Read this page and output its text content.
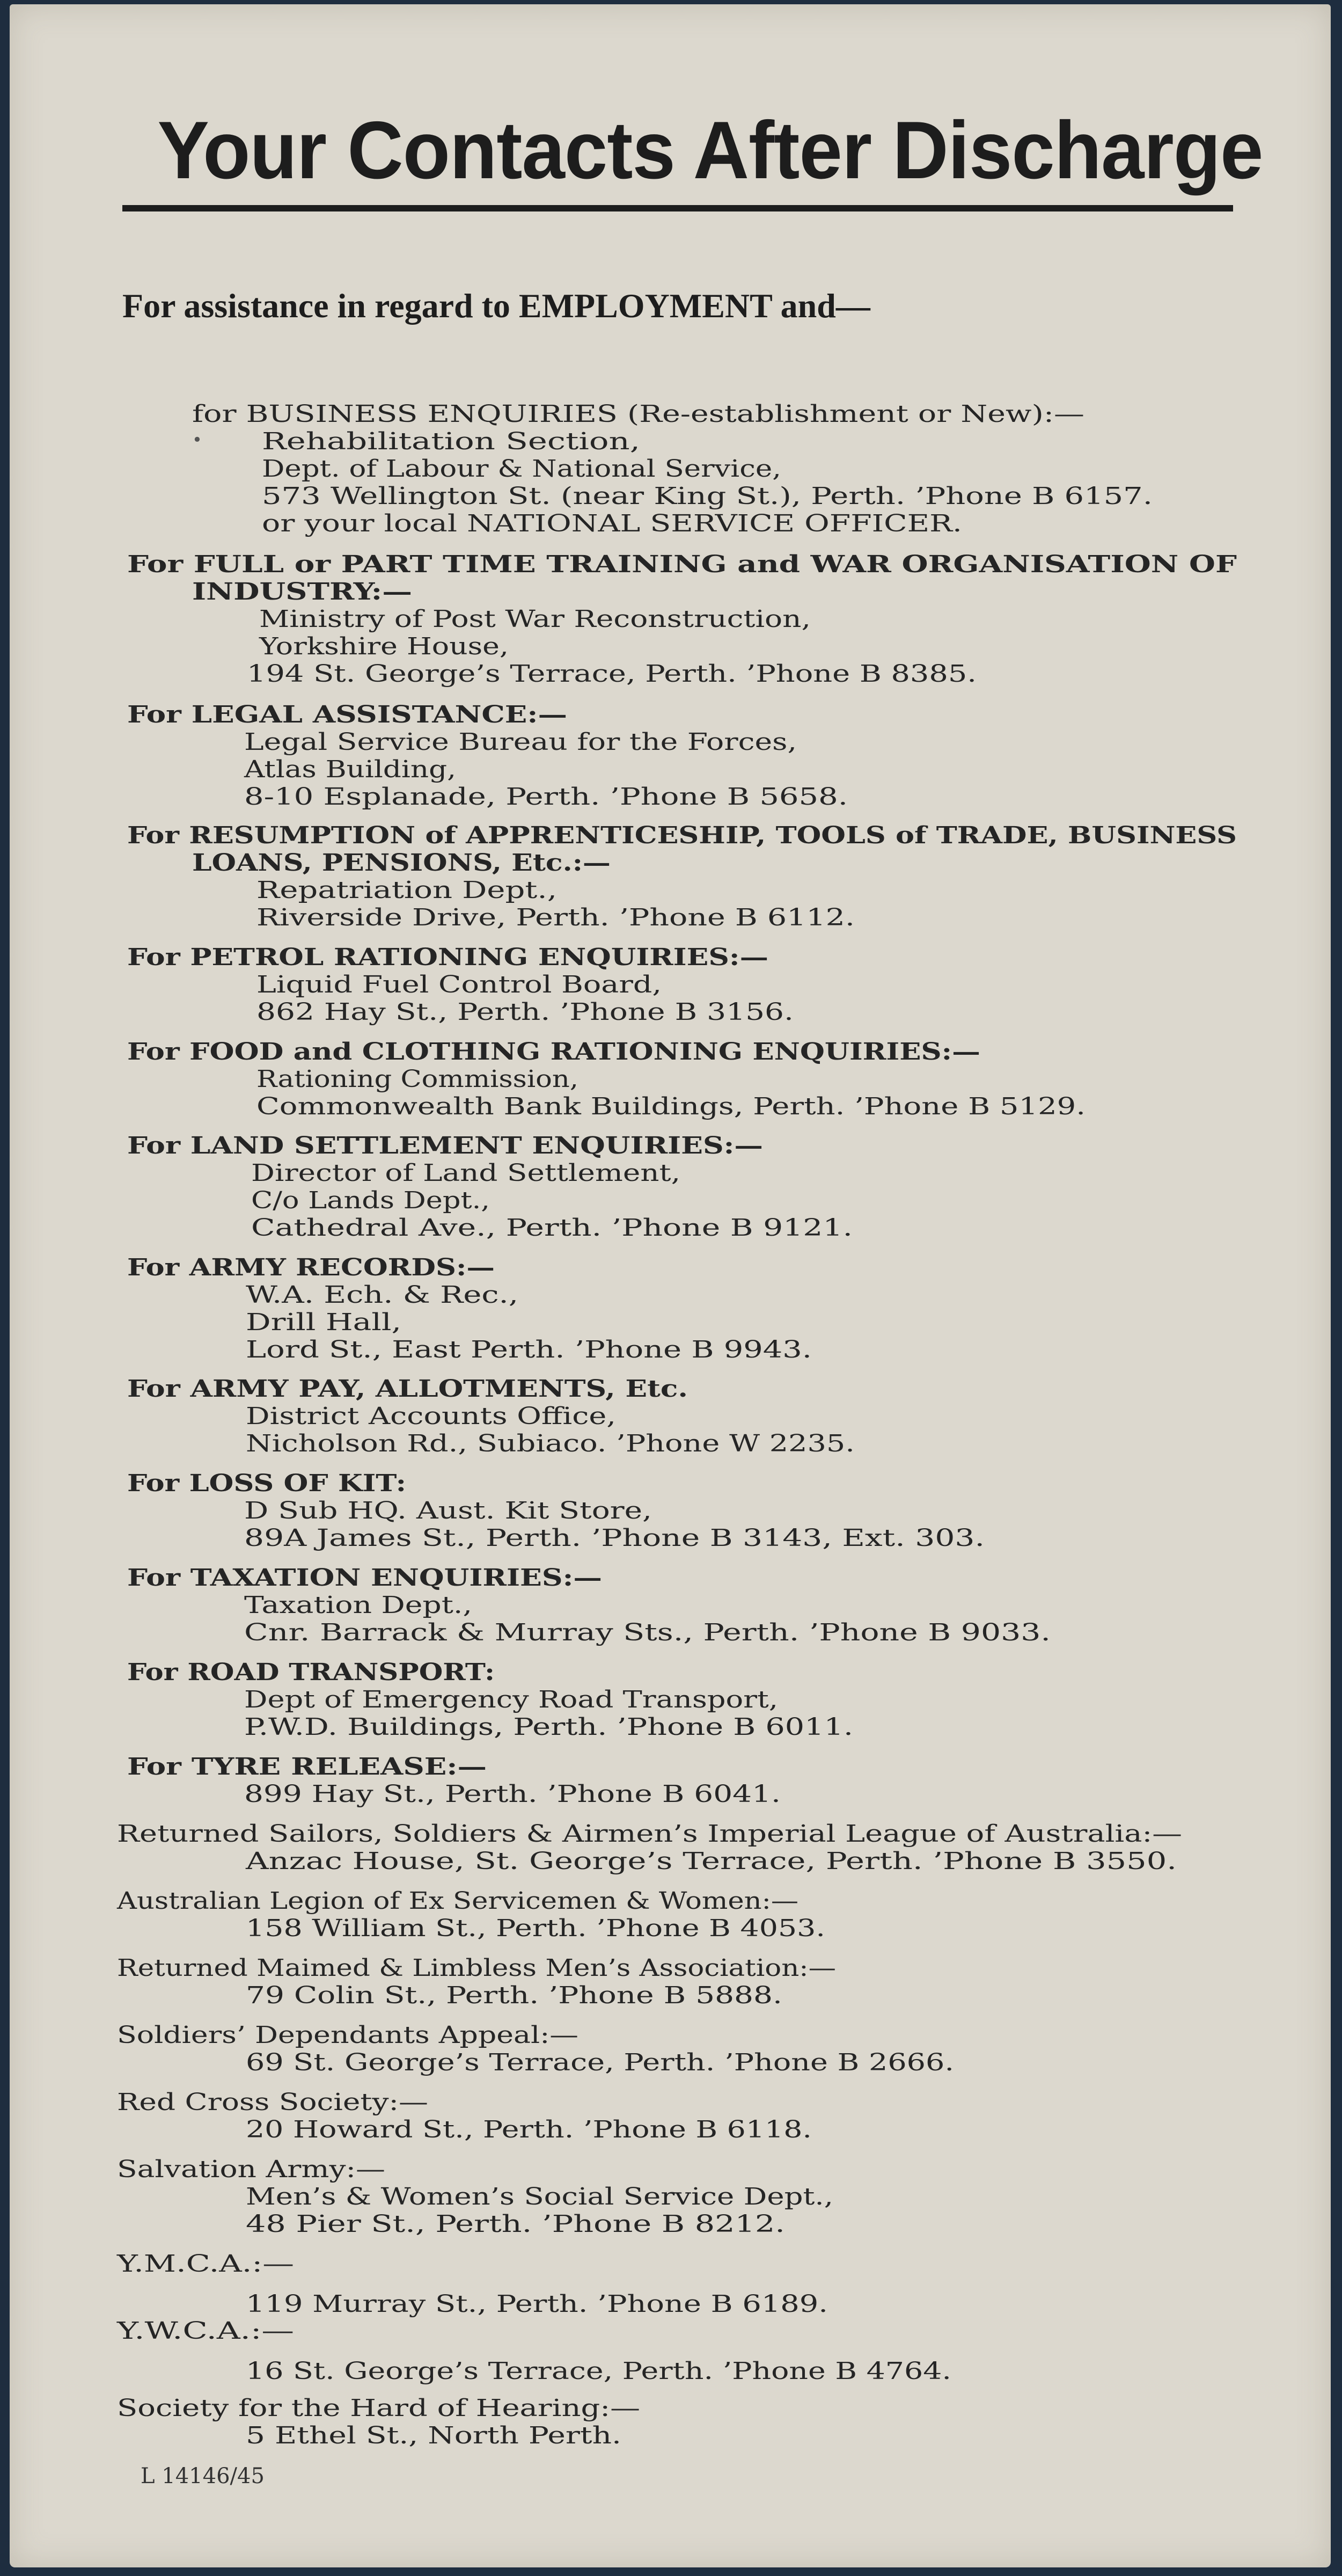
Your Contacts After Discharge
For assistance in regard to EMPLOYMENT and—
•
for BUSINESS ENQUIRIES (Re-establishment or New):—
Rehabilitation Section,
Dept. of Labour & National Service,
573 Wellington St. (near King St.), Perth. ’Phone B 6157.
or your local NATIONAL SERVICE OFFICER.
For FULL or PART TIME TRAINING and WAR ORGANISATION OF
INDUSTRY:—
Ministry of Post War Reconstruction,
Yorkshire House,
194 St. George’s Terrace, Perth. ’Phone B 8385.
For LEGAL ASSISTANCE:—
Legal Service Bureau for the Forces,
Atlas Building,
8-10 Esplanade, Perth. ’Phone B 5658.
For RESUMPTION of APPRENTICESHIP, TOOLS of TRADE, BUSINESS
LOANS, PENSIONS, Etc.:—
Repatriation Dept.,
Riverside Drive, Perth. ’Phone B 6112.
For PETROL RATIONING ENQUIRIES:—
Liquid Fuel Control Board,
862 Hay St., Perth. ’Phone B 3156.
For FOOD and CLOTHING RATIONING ENQUIRIES:—
Rationing Commission,
Commonwealth Bank Buildings, Perth. ’Phone B 5129.
For LAND SETTLEMENT ENQUIRIES:—
Director of Land Settlement,
C/o Lands Dept.,
Cathedral Ave., Perth. ’Phone B 9121.
For ARMY RECORDS:—
W.A. Ech. & Rec.,
Drill Hall,
Lord St., East Perth. ’Phone B 9943.
For ARMY PAY, ALLOTMENTS, Etc.
District Accounts Office,
Nicholson Rd., Subiaco. ’Phone W 2235.
For LOSS OF KIT:
D Sub HQ. Aust. Kit Store,
89A James St., Perth. ’Phone B 3143, Ext. 303.
For TAXATION ENQUIRIES:—
Taxation Dept.,
Cnr. Barrack & Murray Sts., Perth. ’Phone B 9033.
For ROAD TRANSPORT:
Dept of Emergency Road Transport,
P.W.D. Buildings, Perth. ’Phone B 6011.
For TYRE RELEASE:—
899 Hay St., Perth. ’Phone B 6041.
Returned Sailors, Soldiers & Airmen’s Imperial League of Australia:—
Anzac House, St. George’s Terrace, Perth. ’Phone B 3550.
Australian Legion of Ex Servicemen & Women:—
158 William St., Perth. ’Phone B 4053.
Returned Maimed & Limbless Men’s Association:—
79 Colin St., Perth. ’Phone B 5888.
Soldiers’ Dependants Appeal:—
69 St. George’s Terrace, Perth. ’Phone B 2666.
Red Cross Society:—
20 Howard St., Perth. ’Phone B 6118.
Salvation Army:—
Men’s & Women’s Social Service Dept.,
48 Pier St., Perth. ’Phone B 8212.
Y.M.C.A.:—
119 Murray St., Perth. ’Phone B 6189.
Y.W.C.A.:—
16 St. George’s Terrace, Perth. ’Phone B 4764.
Society for the Hard of Hearing:—
5 Ethel St., North Perth.
L 14146/45
